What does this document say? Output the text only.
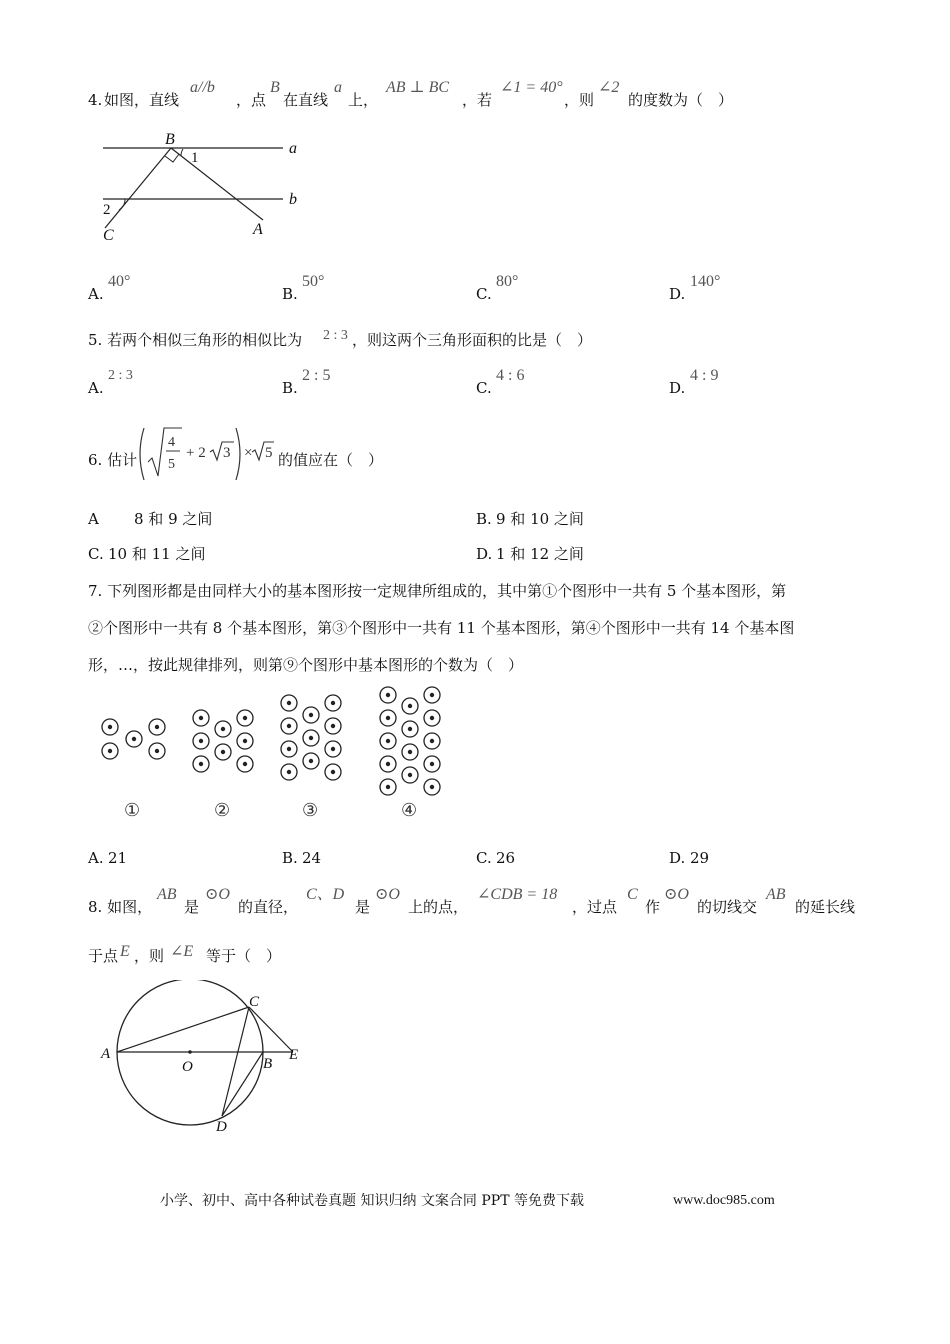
4. 如图，直线
a//b
，点
B
在直线
a
上，
AB ⊥ BC
，若
∠1 = 40°
，则
∠2
的度数为（　）
B
1
a
b
2
C	A
A.
40°
B.
50°
C.
80°
D.
140°
5. 若两个相似三角形的相似比为 2 : 3 ，则这两个三角形面积的比是（　）
A.
2 : 3
B.
2 : 5
C.
4 : 6
D.
4 : 9
6. 估计
4
5
+ 2 3 × 5 的值应在（　）
A 8 和 9 之间	B. 9 和 10 之间
C. 10 和 11 之间	D. 1 和 12 之间
7. 下列图形都是由同样大小的基本图形按一定规律所组成的，其中第①个图形中一共有 5 个基本图形，第
②个图形中一共有 8 个基本图形，第③个图形中一共有 11 个基本图形，第④个图形中一共有 14 个基本图
形，…，按此规律排列，则第⑨个图形中基本图形的个数为（　）
①	②	③	④
A. 21	B. 24	C. 26	D. 29
8. 如图，
AB
是
⊙O
的直径，
C、D
是
⊙O
上的点，
∠CDB = 18
，过点
C
作
⊙O
的切线交
AB
的延长线
于点 E ，则 ∠E 等于（　）
A
O	B
E
C
D
小学、初中、高中各种试卷真题 知识归纳 文案合同 PPT 等免费下载	www.doc985.com
